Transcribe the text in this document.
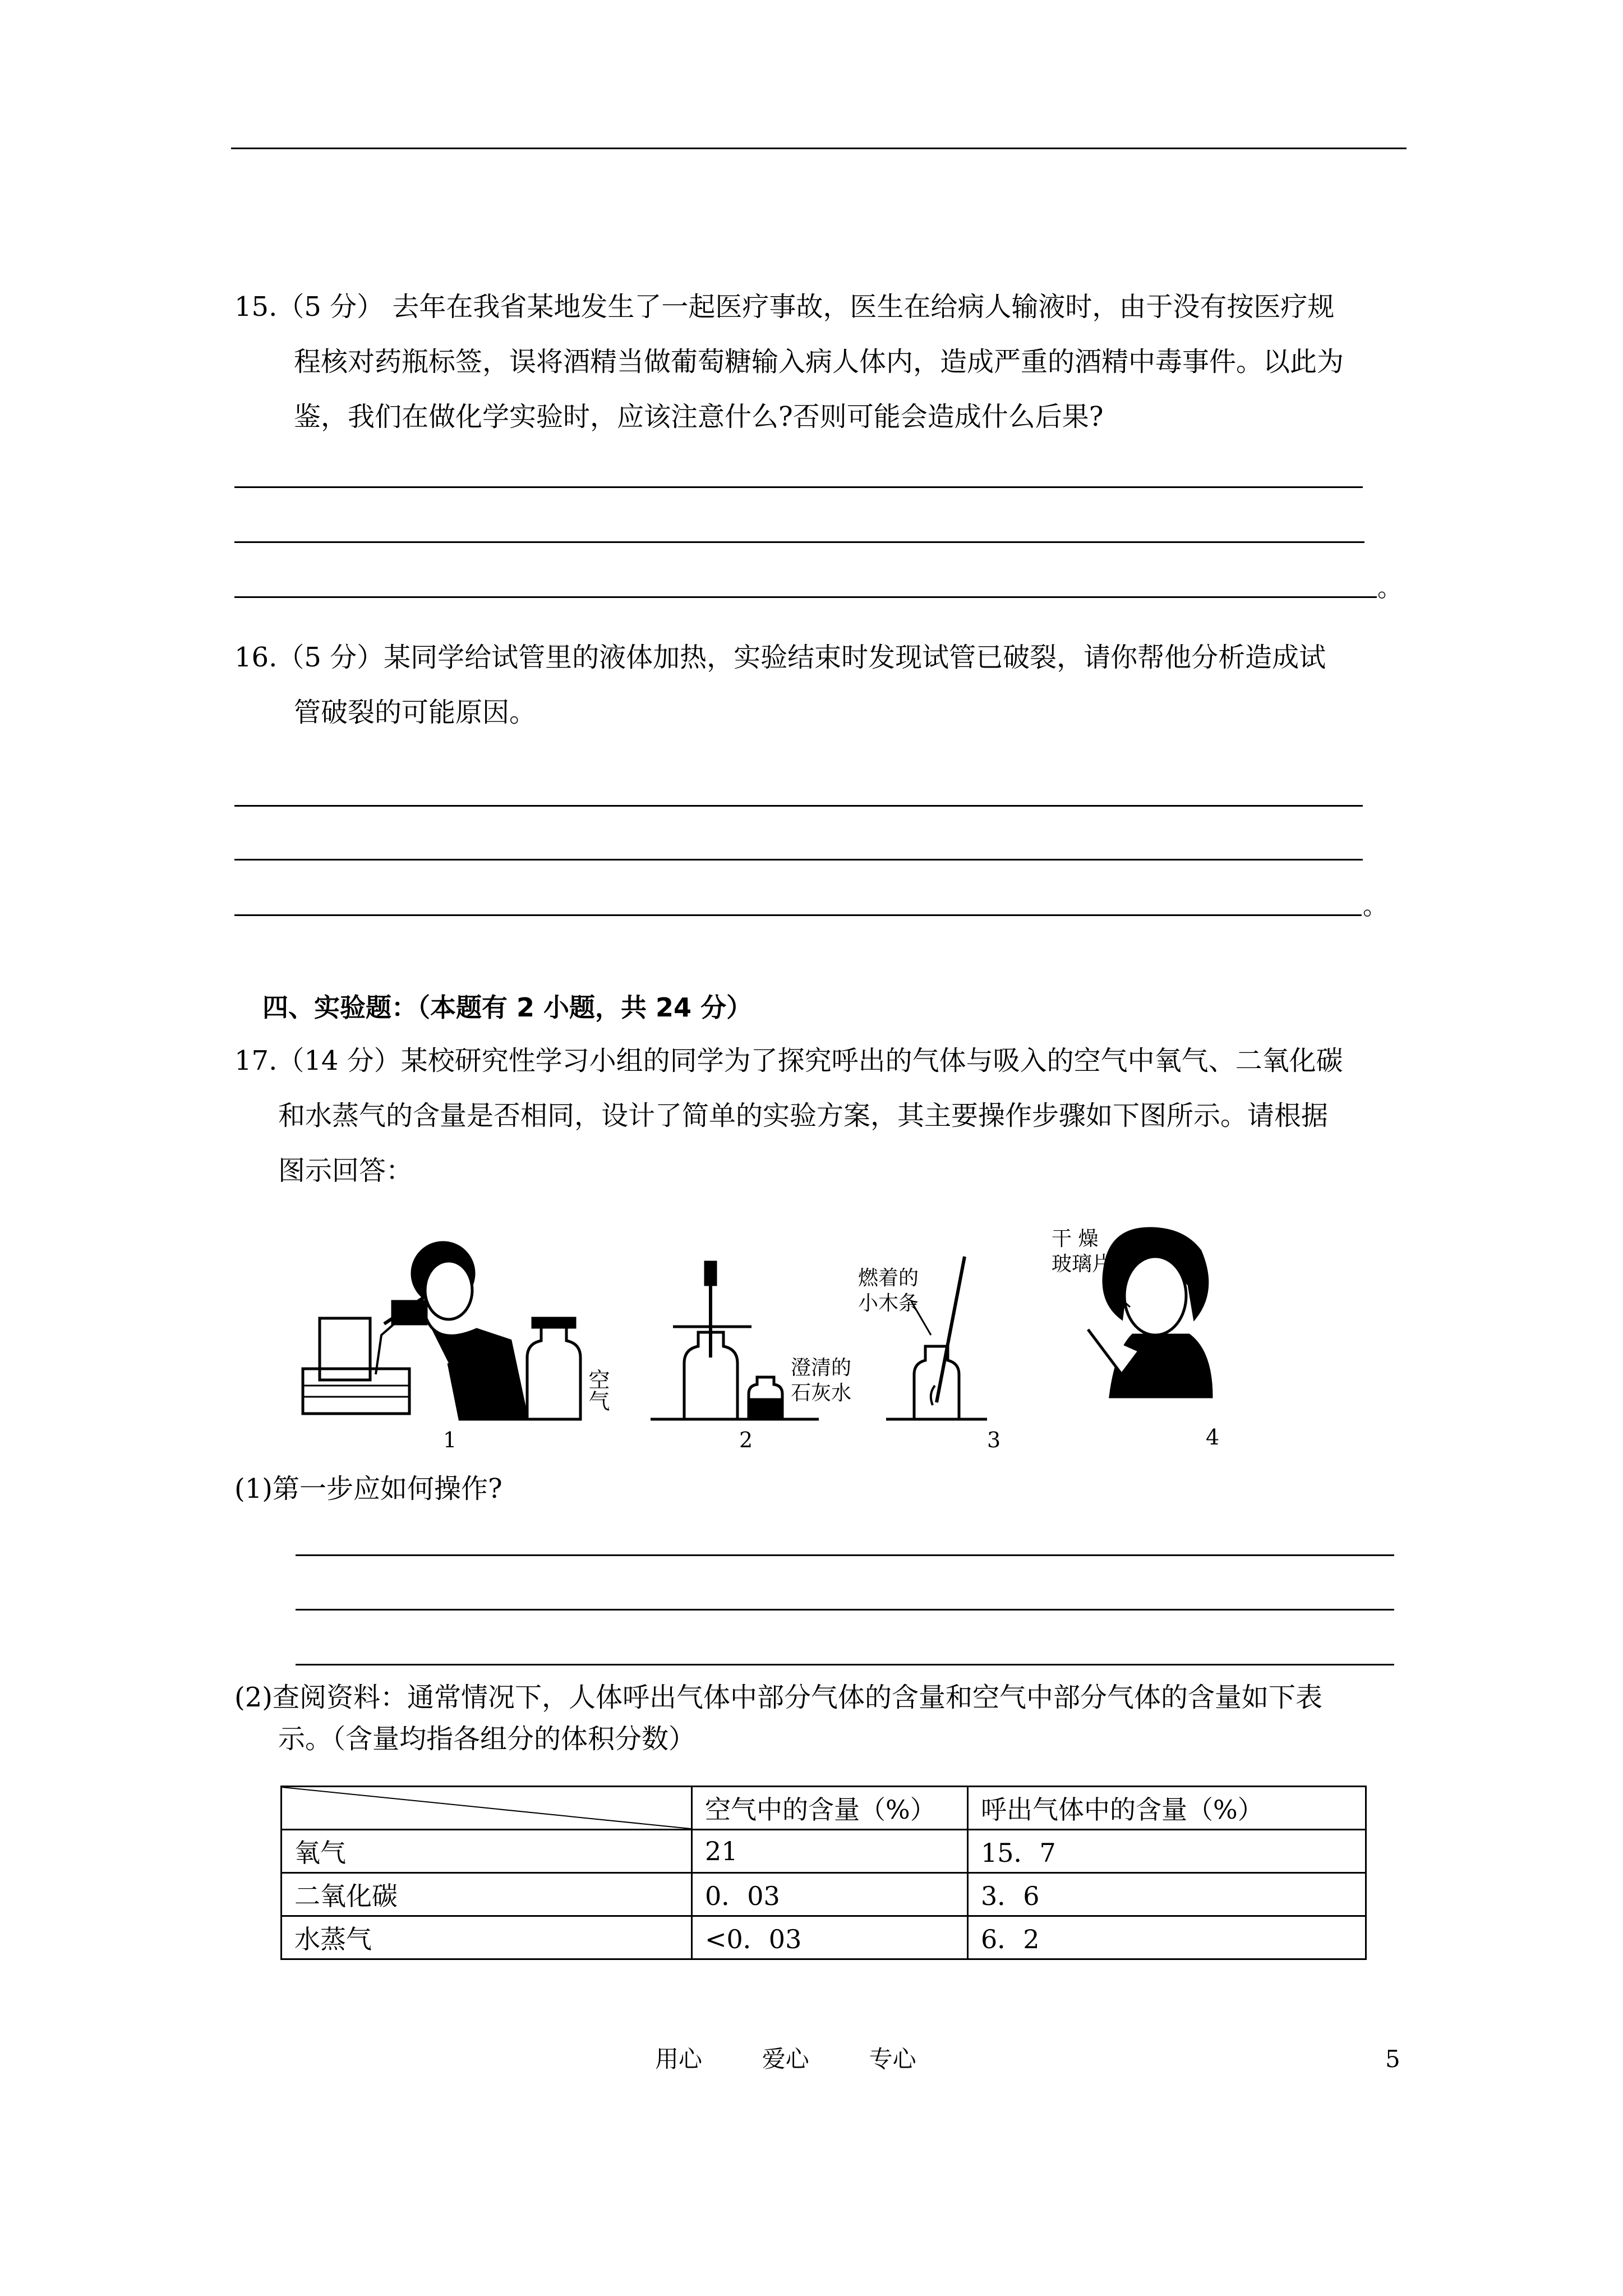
15.（5 分） 去年在我省某地发生了一起医疗事故，医生在给病人输液时，由于没有按医疗规
程核对药瓶标签，误将酒精当做葡萄糖输入病人体内，造成严重的酒精中毒事件。以此为
鉴，我们在做化学实验时，应该注意什么?否则可能会造成什么后果?
。
16.（5 分）某同学给试管里的液体加热，实验结束时发现试管已破裂，请你帮他分析造成试
管破裂的可能原因。
。
四、实验题：（本题有 2 小题，共 24 分）
17.（14 分）某校研究性学习小组的同学为了探究呼出的气体与吸入的空气中氧气、二氧化碳
和水蒸气的含量是否相同，设计了简单的实验方案，其主要操作步骤如下图所示。请根据
图示回答：
空气
1
澄清的
石灰水
2
燃着的
小木条
3
干 燥
玻璃片
4
(1)第一步应如何操作?
(2)查阅资料：通常情况下，人体呼出气体中部分气体的含量和空气中部分气体的含量如下表
示。（含量均指各组分的体积分数）
	空气中的含量（%）	呼出气体中的含量（%）
氧气	21	15．7
二氧化碳	0．03	3．6
水蒸气	<0．03	6．2
用心        爱心        专心	5
